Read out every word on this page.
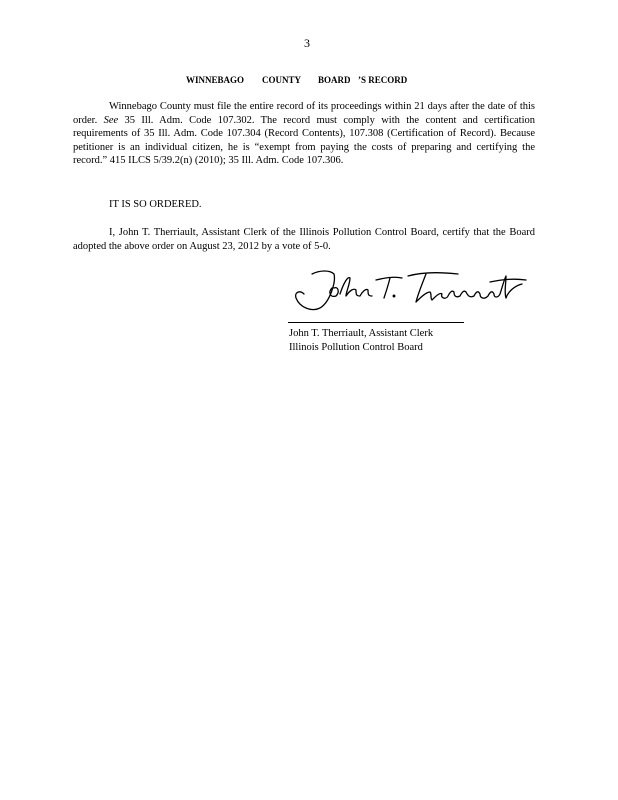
3
WINNEBAGO COUNTY BOARD ’S RECORD

Winnebago County must file the entire record of its proceedings within 21 days after the date of this order. See 35 Ill. Adm. Code 107.302. The record must comply with the content and certification requirements of 35 Ill. Adm. Code 107.304 (Record Contents), 107.308 (Certification of Record). Because petitioner is an individual citizen, he is “exempt from paying the costs of preparing and certifying the record.” 415 ILCS 5/39.2(n) (2010); 35 Ill. Adm. Code 107.306.

IT IS SO ORDERED.

I, John T. Therriault, Assistant Clerk of the Illinois Pollution Control Board, certify that the Board adopted the above order on August 23, 2012 by a vote of 5-0.

John T. Therriault, Assistant Clerk
Illinois Pollution Control Board
